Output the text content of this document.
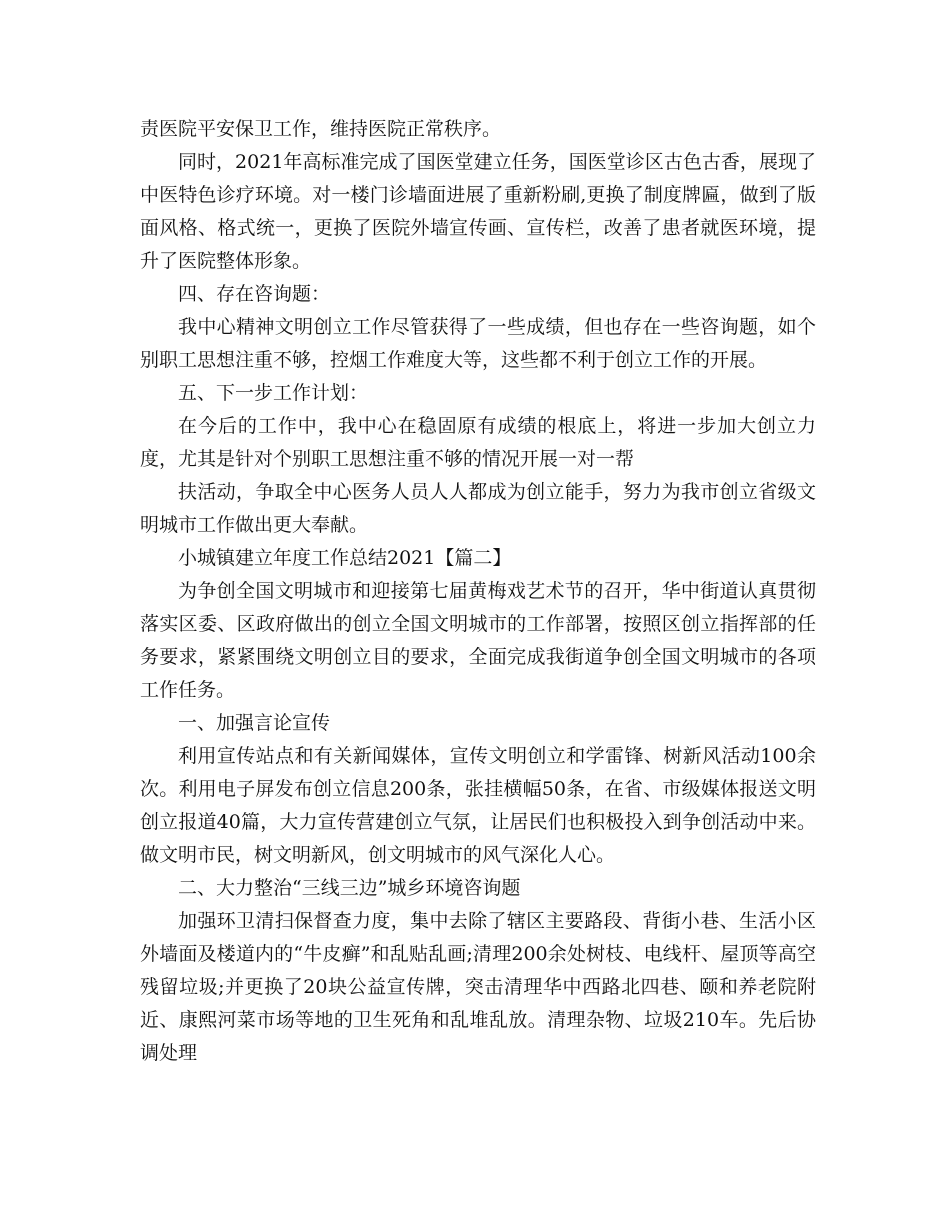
责医院平安保卫工作，维持医院正常秩序。

同时，2021年高标准完成了国医堂建立任务，国医堂诊区古色古香，展现了中医特色诊疗环境。对一楼门诊墙面进展了重新粉刷,更换了制度牌匾，做到了版面风格、格式统一，更换了医院外墙宣传画、宣传栏，改善了患者就医环境，提升了医院整体形象。

四、存在咨询题：

我中心精神文明创立工作尽管获得了一些成绩，但也存在一些咨询题，如个别职工思想注重不够，控烟工作难度大等，这些都不利于创立工作的开展。

五、下一步工作计划：

在今后的工作中，我中心在稳固原有成绩的根底上，将进一步加大创立力度，尤其是针对个别职工思想注重不够的情况开展一对一帮

扶活动，争取全中心医务人员人人都成为创立能手，努力为我市创立省级文明城市工作做出更大奉献。

小城镇建立年度工作总结2021【篇二】

为争创全国文明城市和迎接第七届黄梅戏艺术节的召开，华中街道认真贯彻落实区委、区政府做出的创立全国文明城市的工作部署，按照区创立指挥部的任务要求，紧紧围绕文明创立目的要求，全面完成我街道争创全国文明城市的各项工作任务。

一、加强言论宣传

利用宣传站点和有关新闻媒体，宣传文明创立和学雷锋、树新风活动100余次。利用电子屏发布创立信息200条，张挂横幅50条，在省、市级媒体报送文明创立报道40篇，大力宣传营建创立气氛，让居民们也积极投入到争创活动中来。做文明市民，树文明新风，创文明城市的风气深化人心。

二、大力整治“三线三边”城乡环境咨询题

加强环卫清扫保督查力度，集中去除了辖区主要路段、背街小巷、生活小区外墙面及楼道内的“牛皮癣”和乱贴乱画;清理200余处树枝、电线杆、屋顶等高空残留垃圾;并更换了20块公益宣传牌，突击清理华中西路北四巷、颐和养老院附近、康熙河菜市场等地的卫生死角和乱堆乱放。清理杂物、垃圾210车。先后协调处理
